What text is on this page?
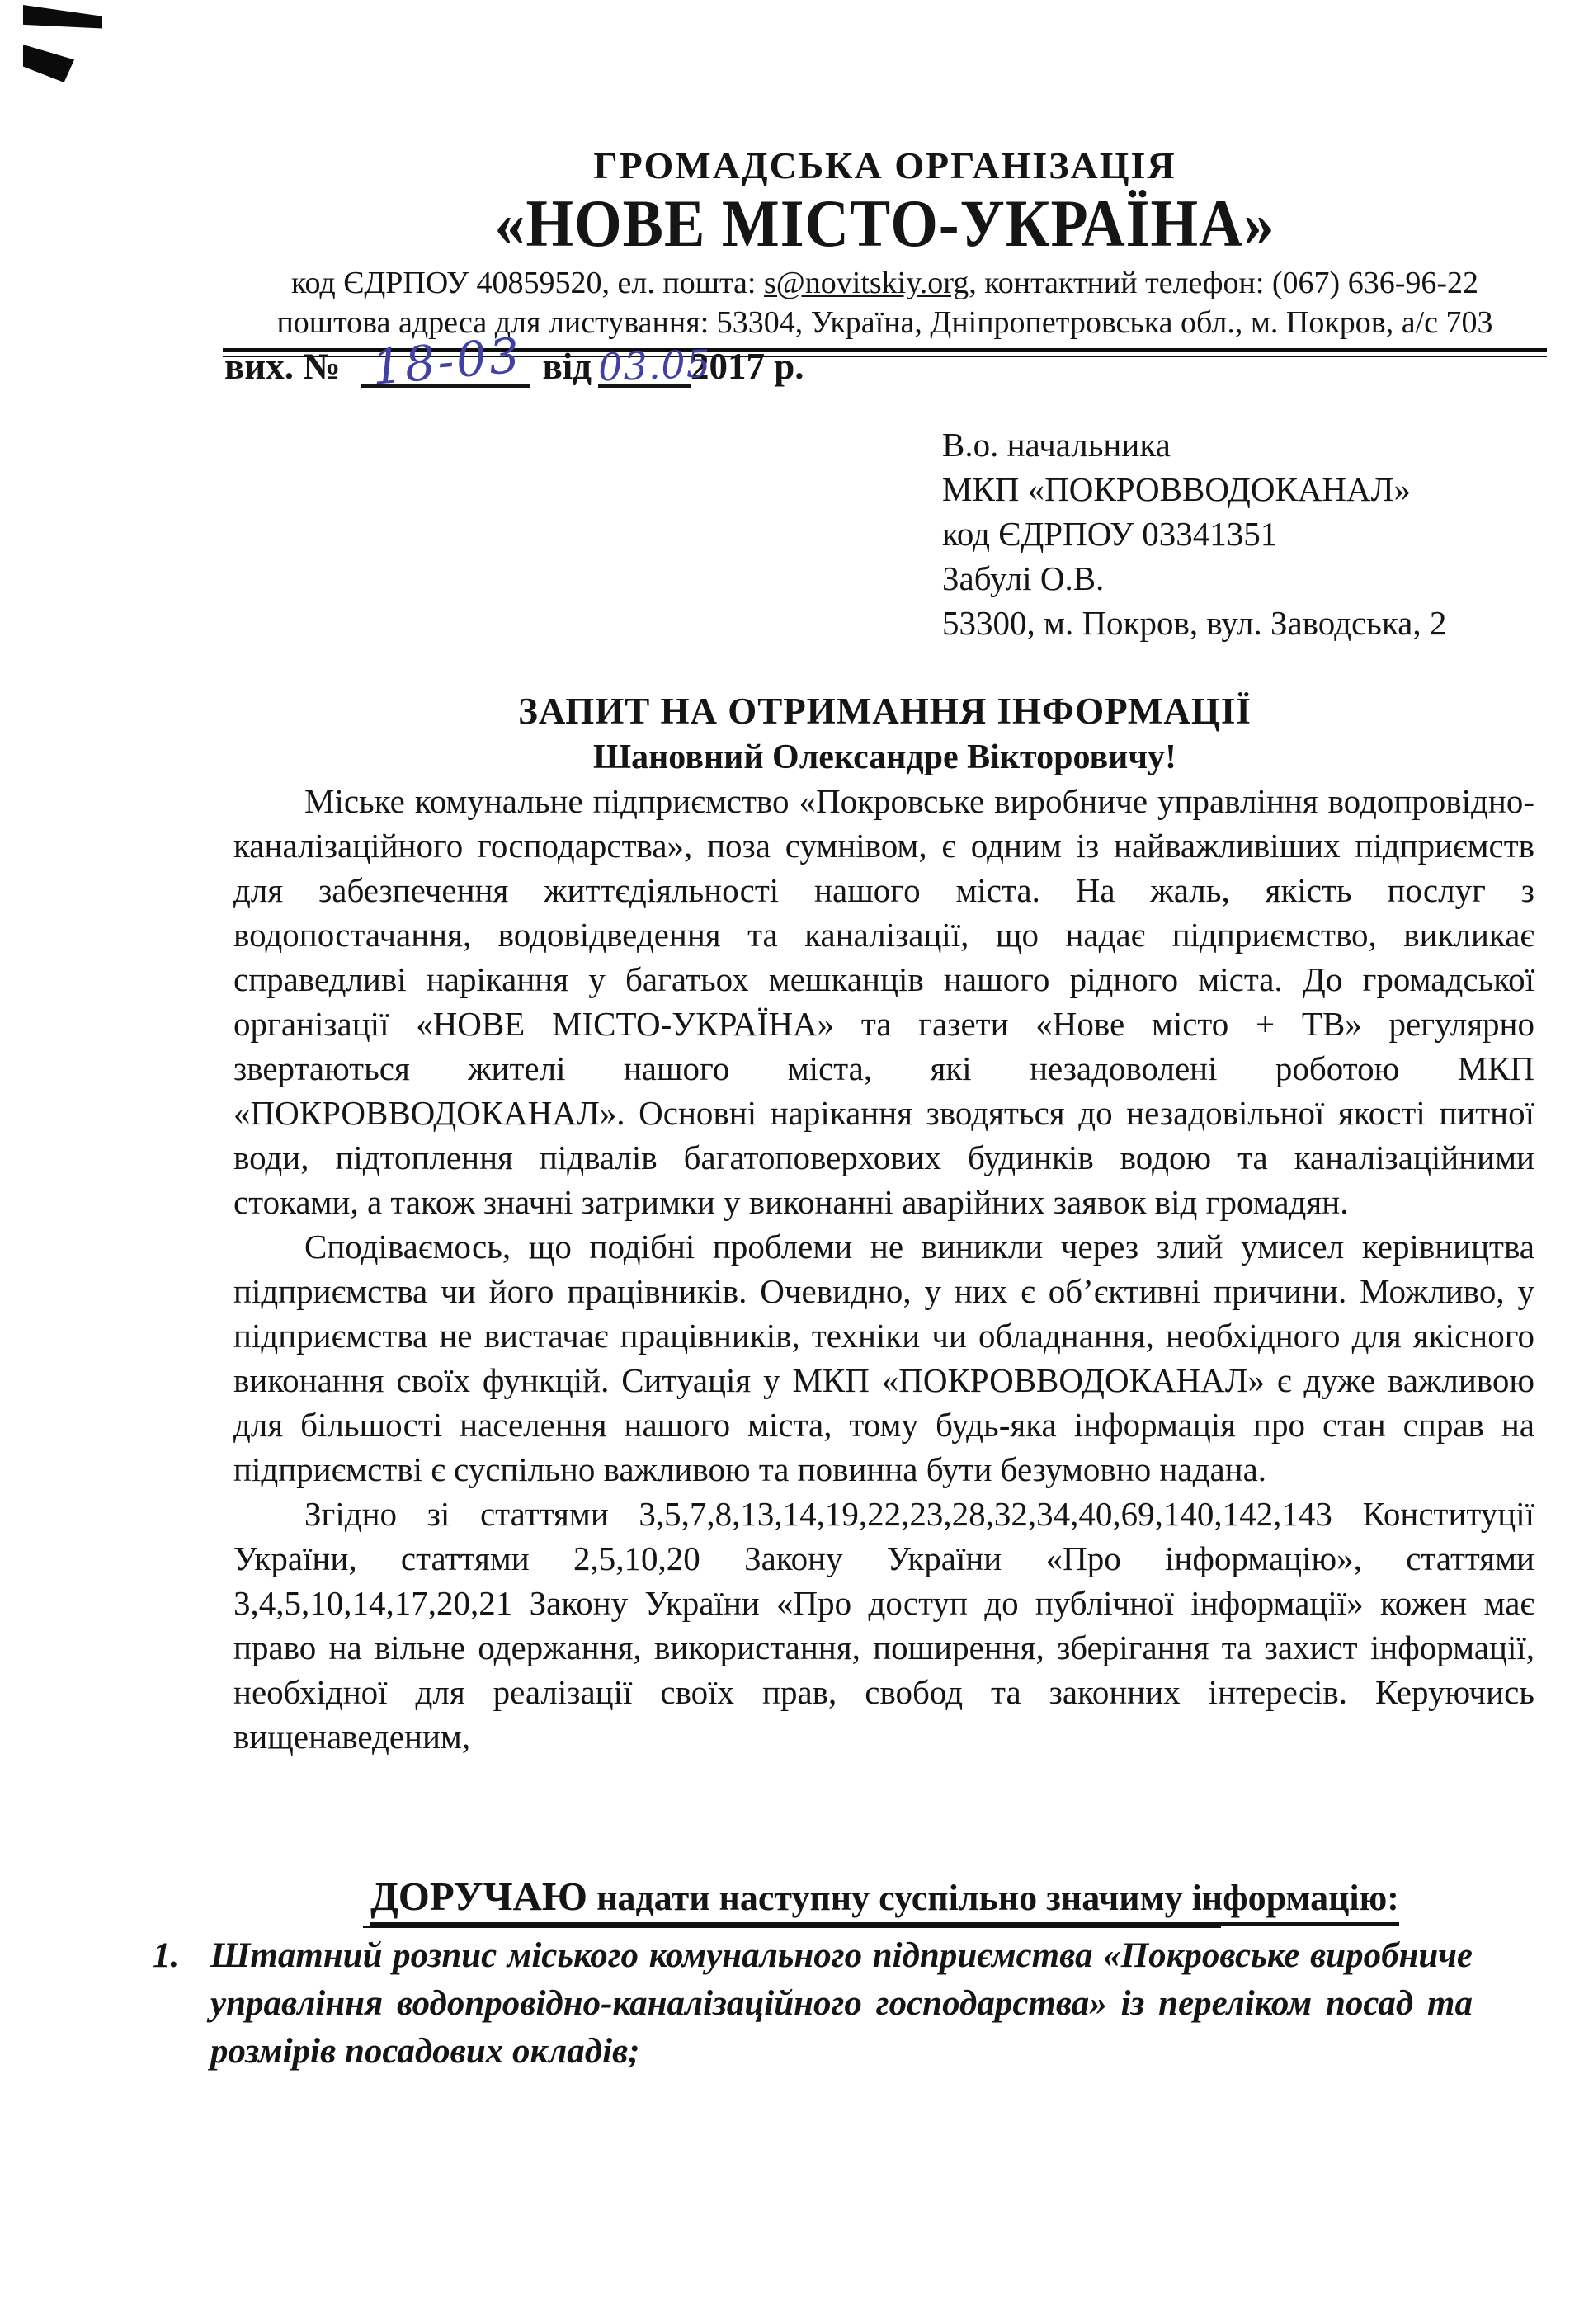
ГРОМАДСЬКА ОРГАНІЗАЦІЯ
«НОВЕ МІСТО-УКРАЇНА»
код ЄДРПОУ 40859520, ел. пошта: s@novitskiy.org, контактний телефон: (067) 636-96-22
поштова адреса для листування: 53304, Україна, Дніпропетровська обл., м. Покров, а/с 703
вих. № 18-03 від 03.05
2017 р.
В.о. начальника
МКП «ПОКРОВВОДОКАНАЛ»
код ЄДРПОУ 03341351
Забулі О.В.
53300, м. Покров, вул. Заводська, 2
ЗАПИТ НА ОТРИМАННЯ ІНФОРМАЦІЇ
Шановний Олександре Вікторовичу!

Міське комунальне підприємство «Покровське виробниче управління водопровідно-каналізаційного господарства», поза сумнівом, є одним із найважливіших підприємств для забезпечення життєдіяльності нашого міста. На жаль, якість послуг з водопостачання, водовідведення та каналізації, що надає підприємство, викликає справедливі нарікання у багатьох мешканців нашого рідного міста. До громадської організації «НОВЕ МІСТО-УКРАЇНА» та газети «Нове місто + ТВ» регулярно звертаються жителі нашого міста, які незадоволені роботою МКП «ПОКРОВВОДОКАНАЛ». Основні нарікання зводяться до незадовільної якості питної води, підтоплення підвалів багатоповерхових будинків водою та каналізаційними стоками, а також значні затримки у виконанні аварійних заявок від громадян.

Сподіваємось, що подібні проблеми не виникли через злий умисел керівництва підприємства чи його працівників. Очевидно, у них є об’єктивні причини. Можливо, у підприємства не вистачає працівників, техніки чи обладнання, необхідного для якісного виконання своїх функцій. Ситуація у МКП «ПОКРОВВОДОКАНАЛ» є дуже важливою для більшості населення нашого міста, тому будь-яка інформація про стан справ на підприємстві є суспільно важливою та повинна бути безумовно надана.

Згідно зі статтями 3,5,7,8,13,14,19,22,23,28,32,34,40,69,140,142,143 Конституції України, статтями 2,5,10,20 Закону України «Про інформацію», статтями 3,4,5,10,14,17,20,21 Закону України «Про доступ до публічної інформації» кожен має право на вільне одержання, використання, поширення, зберігання та захист інформації, необхідної для реалізації своїх прав, свобод та законних інтересів. Керуючись вищенаведеним,

ДОРУЧАЮ надати наступну суспільно значиму інформацію:
1. Штатний розпис міського комунального підприємства «Покровське виробниче управління водопровідно-каналізаційного господарства» із переліком посад та розмірів посадових окладів;
